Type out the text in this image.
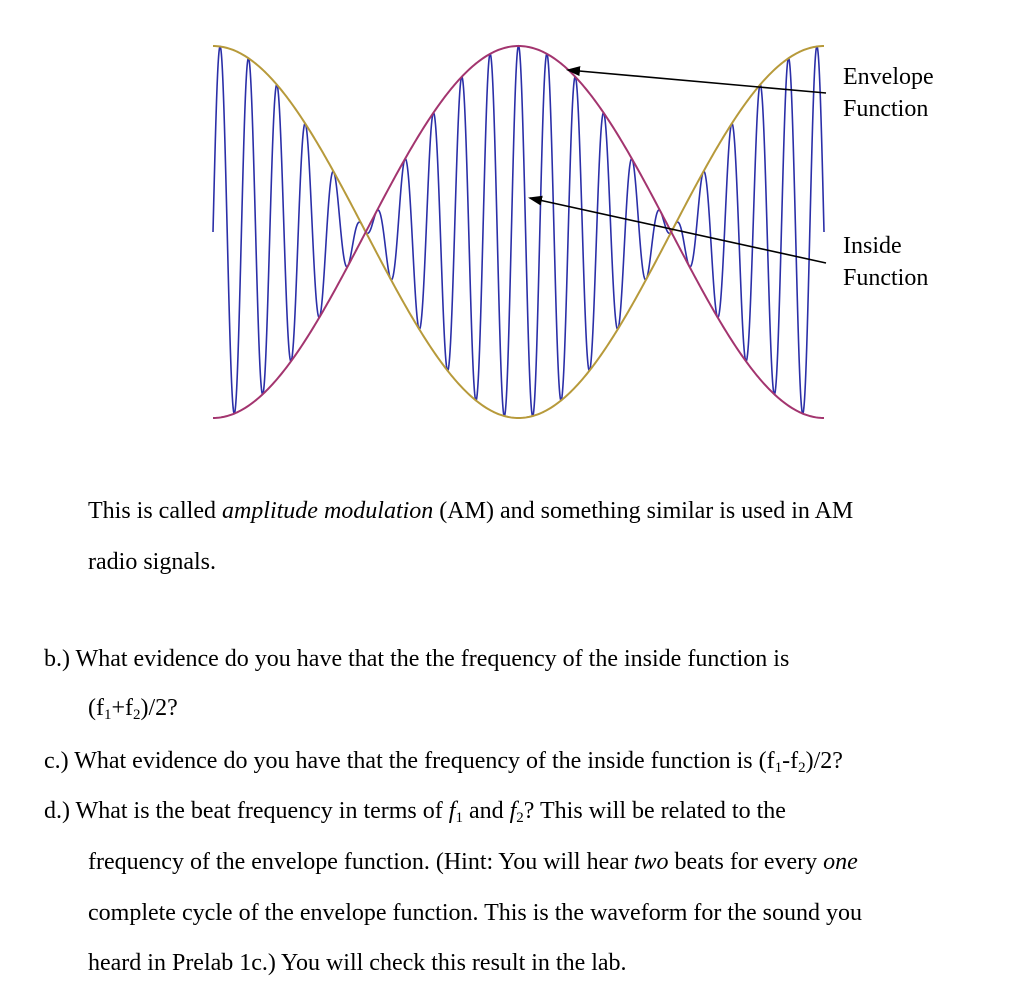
Envelope
Function

Inside
Function

This is called amplitude modulation (AM) and something similar is used in AM

radio signals.

b.) What evidence do you have that the the frequency of the inside function is

$(f_1+f_2)/2$?

c.) What evidence do you have that the frequency of the inside function is $(f_1-f_2)/2$?

d.) What is the beat frequency in terms of $f_1$ and $f_2$? This will be related to the

frequency of the envelope function. (Hint: You will hear two beats for every one

complete cycle of the envelope function. This is the waveform for the sound you

heard in Prelab 1c.) You will check this result in the lab.
